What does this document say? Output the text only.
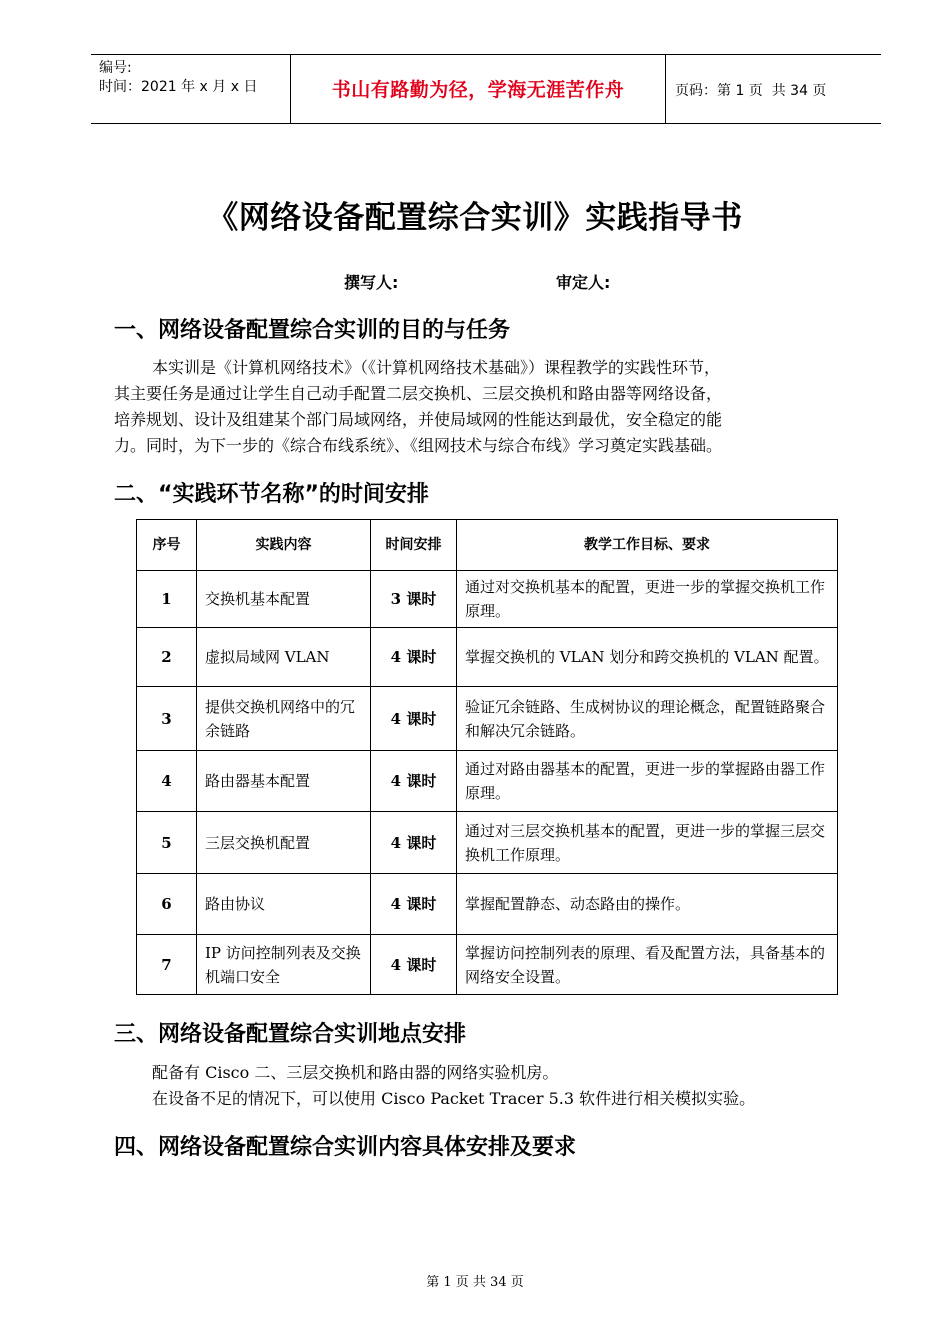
编号:
时间：2021 年 x 月 x 日	书山有路勤为径，学海无涯苦作舟	页码：第 1 页  共 34 页
《网络设备配置综合实训》实践指导书
撰写人:	审定人:
一、网络设备配置综合实训的目的与任务
本实训是《计算机网络技术》（《计算机网络技术基础》）课程教学的实践性环节，
其主要任务是通过让学生自己动手配置二层交换机、三层交换机和路由器等网络设备，
培养规划、设计及组建某个部门局域网络，并使局域网的性能达到最优，安全稳定的能
力。同时，为下一步的《综合布线系统》、《组网技术与综合布线》学习奠定实践基础。
二、“实践环节名称”的时间安排
序号	实践内容	时间安排	教学工作目标、要求
1	交换机基本配置	3 课时	通过对交换机基本的配置，更进一步的掌握交换机工作原理。
2	虚拟局域网 VLAN	4 课时	掌握交换机的 VLAN 划分和跨交换机的 VLAN 配置。
3	提供交换机网络中的冗余链路	4 课时	验证冗余链路、生成树协议的理论概念，配置链路聚合和解决冗余链路。
4	路由器基本配置	4 课时	通过对路由器基本的配置，更进一步的掌握路由器工作原理。
5	三层交换机配置	4 课时	通过对三层交换机基本的配置，更进一步的掌握三层交换机工作原理。
6	路由协议	4 课时	掌握配置静态、动态路由的操作。
7	IP 访问控制列表及交换机端口安全	4 课时	掌握访问控制列表的原理、看及配置方法，具备基本的网络安全设置。
三、网络设备配置综合实训地点安排
配备有 Cisco 二、三层交换机和路由器的网络实验机房。
在设备不足的情况下，可以使用 Cisco Packet Tracer 5.3 软件进行相关模拟实验。
四、网络设备配置综合实训内容具体安排及要求
第 1 页 共 34 页
